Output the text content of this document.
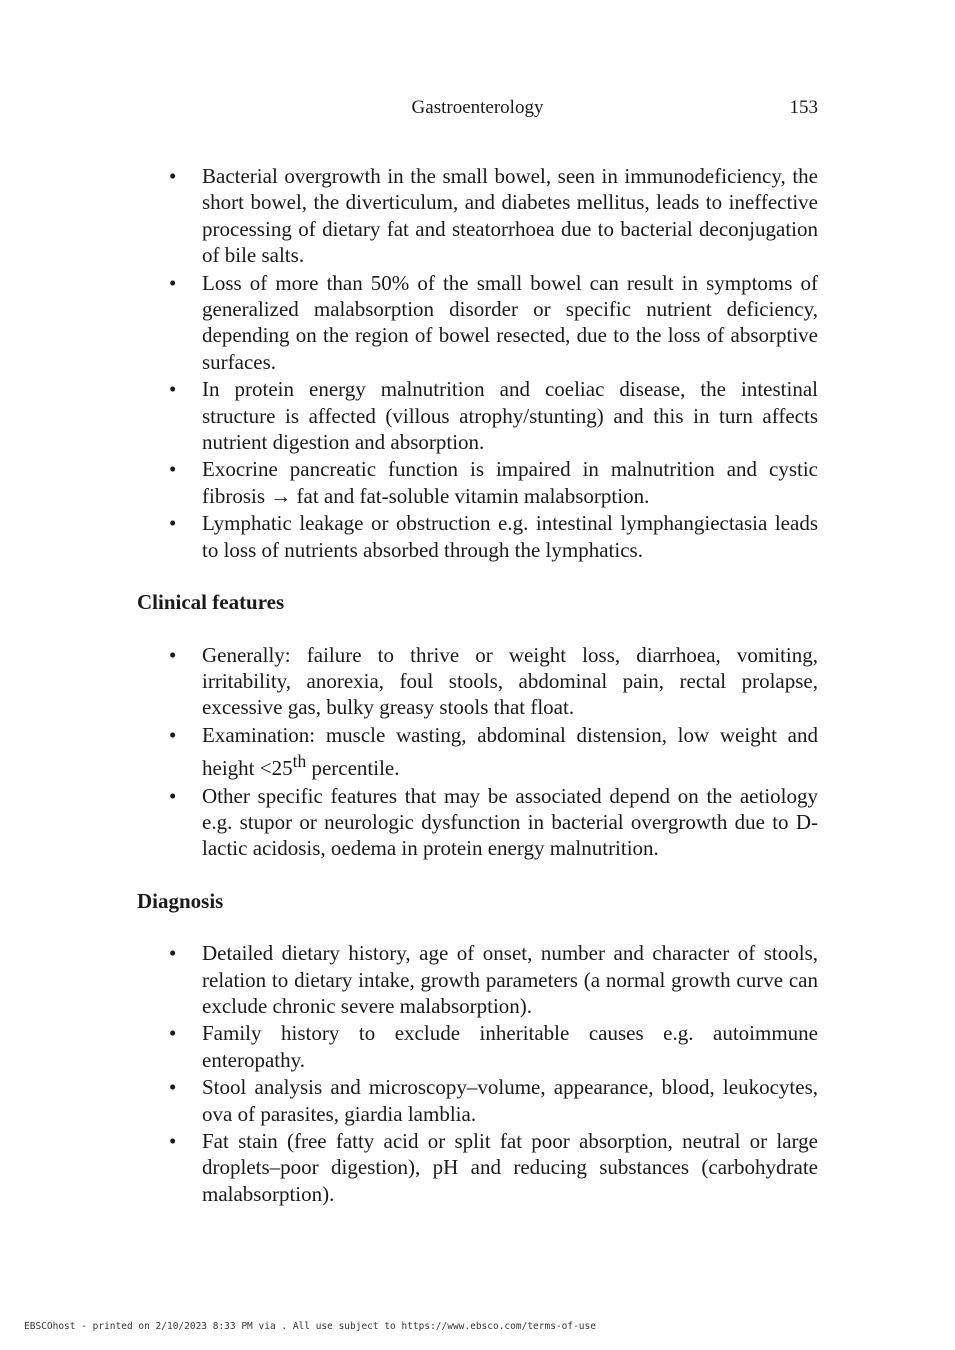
Gastroenterology	153
• Bacterial overgrowth in the small bowel, seen in immunodeficiency, the short bowel, the diverticulum, and diabetes mellitus, leads to ineffective processing of dietary fat and steatorrhoea due to bacterial deconjugation of bile salts.
• Loss of more than 50% of the small bowel can result in symptoms of generalized malabsorption disorder or specific nutrient deficiency, depending on the region of bowel resected, due to the loss of absorptive surfaces.
• In protein energy malnutrition and coeliac disease, the intestinal structure is affected (villous atrophy/stunting) and this in turn affects nutrient digestion and absorption.
• Exocrine pancreatic function is impaired in malnutrition and cystic fibrosis → fat and fat-soluble vitamin malabsorption.
• Lymphatic leakage or obstruction e.g. intestinal lymphangiectasia leads to loss of nutrients absorbed through the lymphatics.
Clinical features
• Generally: failure to thrive or weight loss, diarrhoea, vomiting, irritability, anorexia, foul stools, abdominal pain, rectal prolapse, excessive gas, bulky greasy stools that float.
• Examination: muscle wasting, abdominal distension, low weight and height <25th percentile.
• Other specific features that may be associated depend on the aetiology e.g. stupor or neurologic dysfunction in bacterial overgrowth due to D-lactic acidosis, oedema in protein energy malnutrition.
Diagnosis
• Detailed dietary history, age of onset, number and character of stools, relation to dietary intake, growth parameters (a normal growth curve can exclude chronic severe malabsorption).
• Family history to exclude inheritable causes e.g. autoimmune enteropathy.
• Stool analysis and microscopy–volume, appearance, blood, leukocytes, ova of parasites, giardia lamblia.
• Fat stain (free fatty acid or split fat poor absorption, neutral or large droplets–poor digestion), pH and reducing substances (carbohydrate malabsorption).
EBSCOhost - printed on 2/10/2023 8:33 PM via . All use subject to https://www.ebsco.com/terms-of-use
